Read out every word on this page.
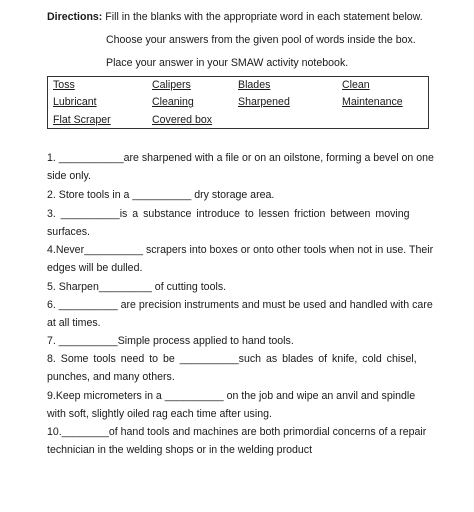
Directions: Fill in the blanks with the appropriate word in each statement below.
Choose your answers from the given pool of words inside the box.
Place your answer in your SMAW activity notebook.
Toss	Calipers	Blades	Clean
Lubricant	Cleaning	Sharpened	Maintenance
Flat Scraper	Covered box
1. ___________are sharpened with a file or on an oilstone, forming a bevel on one
side only.
2. Store tools in a __________ dry storage area.
3. __________is a substance introduce to lessen friction between moving
surfaces.
4.Never__________ scrapers into boxes or onto other tools when not in use. Their
edges will be dulled.
5. Sharpen_________ of cutting tools.
6. __________ are precision instruments and must be used and handled with care
at all times.
7. __________Simple process applied to hand tools.
8. Some tools need to be __________such as blades of knife, cold chisel,
punches, and many others.
9.Keep micrometers in a __________ on the job and wipe an anvil and spindle
with soft, slightly oiled rag each time after using.
10.________of hand tools and machines are both primordial concerns of a repair
technician in the welding shops or in the welding product
